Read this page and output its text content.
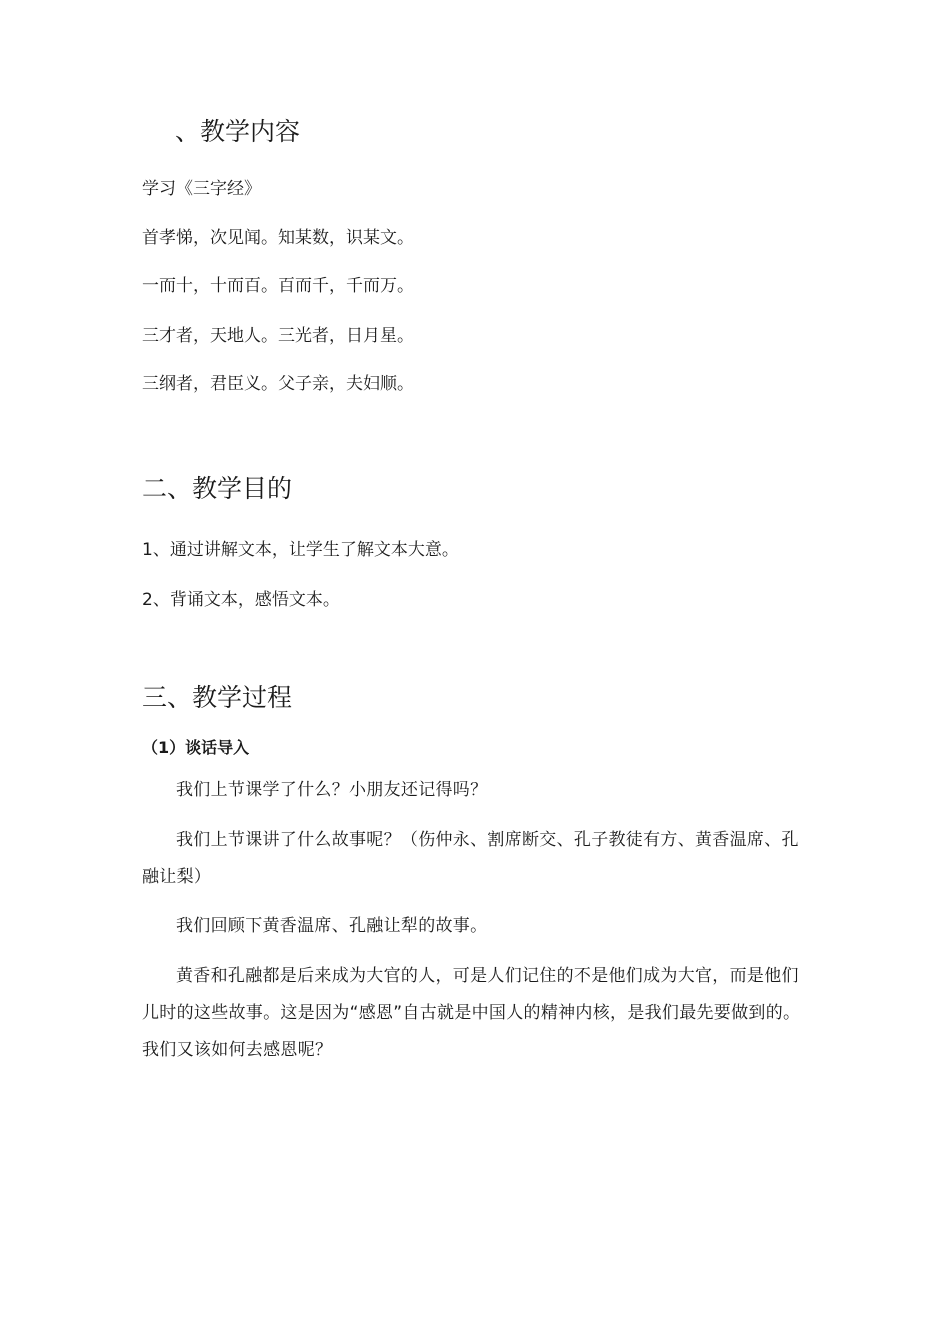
、教学内容

学习《三字经》

首孝悌，次见闻。知某数，识某文。

一而十，十而百。百而千，千而万。

三才者，天地人。三光者，日月星。

三纲者，君臣义。父子亲，夫妇顺。

二、教学目的

1、通过讲解文本，让学生了解文本大意。

2、背诵文本，感悟文本。

三、教学过程

（1）谈话导入

我们上节课学了什么？小朋友还记得吗？

我们上节课讲了什么故事呢？（伤仲永、割席断交、孔子教徒有方、黄香温席、孔融让梨）

我们回顾下黄香温席、孔融让犁的故事。

黄香和孔融都是后来成为大官的人，可是人们记住的不是他们成为大官，而是他们儿时的这些故事。这是因为“感恩”自古就是中国人的精神内核，是我们最先要做到的。我们又该如何去感恩呢？
